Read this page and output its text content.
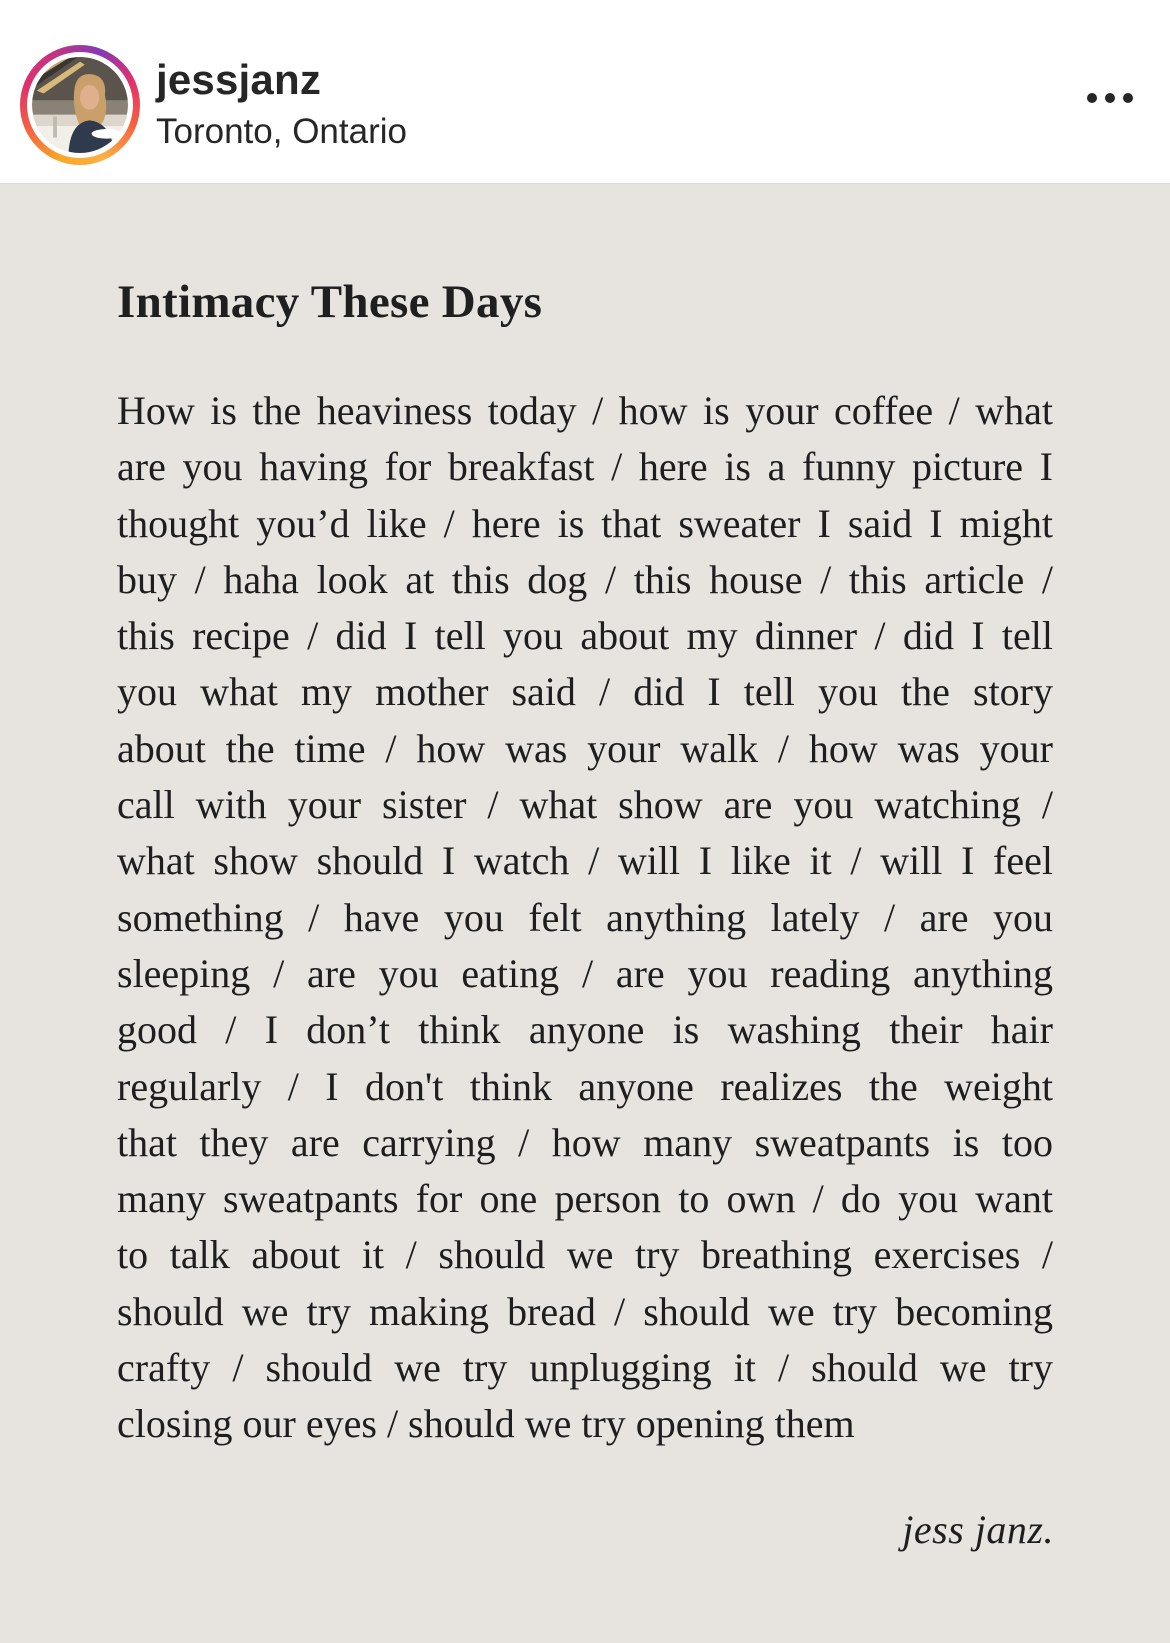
jessjanz
Toronto, Ontario
Intimacy These Days
How is the heaviness today / how is your coffee / what
are you having for breakfast / here is a funny picture I
thought you’d like / here is that sweater I said I might
buy / haha look at this dog / this house / this article /
this recipe / did I tell you about my dinner / did I tell
you what my mother said / did I tell you the story
about the time / how was your walk / how was your
call with your sister / what show are you watching /
what show should I watch / will I like it / will I feel
something / have you felt anything lately / are you
sleeping / are you eating / are you reading anything
good / I don’t think anyone is washing their hair
regularly / I don't think anyone realizes the weight
that they are carrying / how many sweatpants is too
many sweatpants for one person to own / do you want
to talk about it / should we try breathing exercises /
should we try making bread / should we try becoming
crafty / should we try unplugging it / should we try
closing our eyes / should we try opening them
jess janz.
